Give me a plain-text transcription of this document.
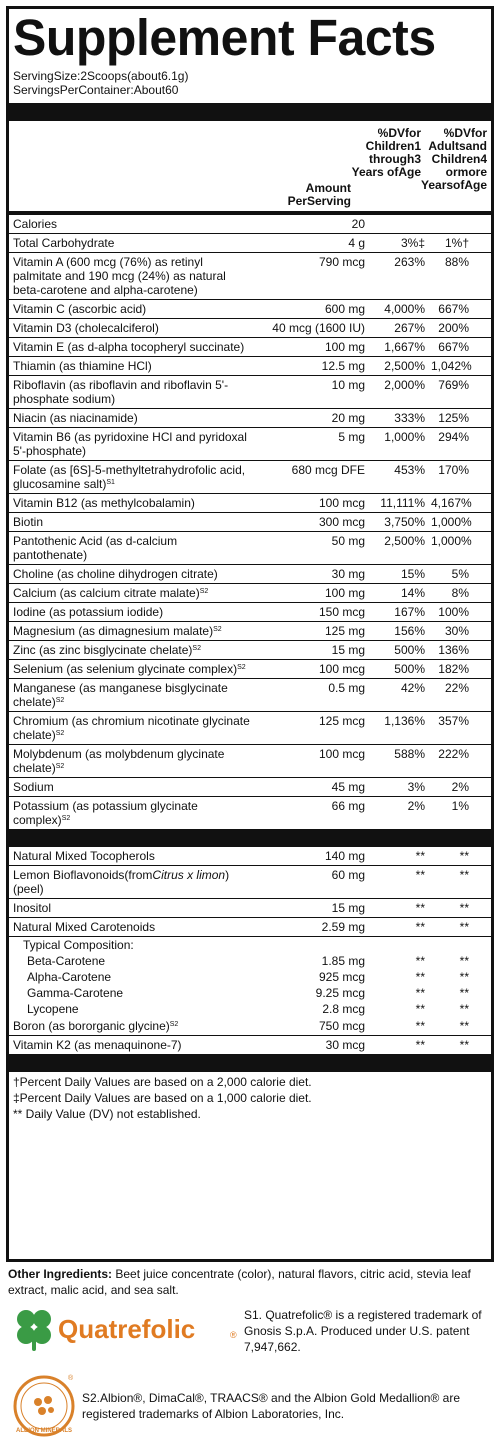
Supplement Facts
ServingSize:2Scoops(about6.1g)
ServingsPerContainer:About60
Amount PerServing
%DVfor Children1 through3 Years ofAge
%DVfor Adultsand Children4 ormore YearsofAge
Calories	20
Total Carbohydrate	4 g	3%‡	1%†
Vitamin A (600 mcg (76%) as retinyl palmitate and 190 mcg (24%) as natural beta-carotene and alpha-carotene)
790 mcg	263%	88%
Vitamin C (ascorbic acid)	600 mg	4,000%	667%
Vitamin D3 (cholecalciferol)	40 mcg (1600 IU)	267%	200%
Vitamin E (as d-alpha tocopheryl succinate)	100 mg	1,667%	667%
Thiamin (as thiamine HCl)	12.5 mg	2,500% 1,042%
Riboflavin (as riboflavin and riboflavin 5'-phosphate sodium)
10 mg	2,000%	769%
Niacin (as niacinamide)	20 mg	333%	125%
Vitamin B6 (as pyridoxine HCl and pyridoxal 5'-phosphate)
5 mg	1,000%	294%
Folate (as [6S]-5-methyltetrahydrofolic acid, glucosamine salt)$^{S1}$
680 mcg DFE	453%	170%
Vitamin B12 (as methylcobalamin)	100 mcg	11,111% 4,167%
Biotin	300 mcg	3,750% 1,000%
Pantothenic Acid (as d-calcium pantothenate)
50 mg	2,500% 1,000%
Choline (as choline dihydrogen citrate)	30 mg	15%	5%
Calcium (as calcium citrate malate)$^{S2}$	100 mg	14%	8%
Iodine (as potassium iodide)	150 mcg	167%	100%
Magnesium (as dimagnesium malate)$^{S2}$	125 mg	156%	30%
Zinc (as zinc bisglycinate chelate)$^{S2}$	15 mg	500%	136%
Selenium (as selenium glycinate complex)$^{S2}$	100 mcg	500%	182%
Manganese (as manganese bisglycinate chelate)$^{S2}$
0.5 mg	42%	22%
Chromium (as chromium nicotinate glycinate chelate)$^{S2}$
125 mcg	1,136%	357%
Molybdenum (as molybdenum glycinate chelate)$^{S2}$
100 mcg	588%	222%
Sodium	45 mg	3%	2%
Potassium (as potassium glycinate complex)$^{S2}$
66 mg	2%	1%
Natural Mixed Tocopherols	140 mg	**	**
Lemon Bioflavonoids(fromCitrus x limon)(peel)
60 mg	**	**
Inositol	15 mg	**	**
Natural Mixed Carotenoids	2.59 mg	**	**
Typical Composition:
Beta-Carotene	1.85 mg	**	**
Alpha-Carotene	925 mcg	**	**
Gamma-Carotene	9.25 mcg	**	**
Lycopene	2.8 mcg	**	**
Boron (as bororganic glycine)$^{S2}$	750 mcg	**	**
Vitamin K2 (as menaquinone-7)	30 mcg	**	**
†Percent Daily Values are based on a 2,000 calorie diet.
‡Percent Daily Values are based on a 1,000 calorie diet.
** Daily Value (DV) not established.
Other Ingredients: Beet juice concentrate (color), natural flavors, citric acid, stevia leaf extract, malic acid, and sea salt.
Quatrefolic	®
S1. Quatrefolic® is a registered trademark of Gnosis S.p.A. Produced under U.S. patent 7,947,662.
ALBION MINERALS
®
S2.Albion®, DimaCal®, TRAACS® and the Albion Gold Medallion® are registered trademarks of Albion Laboratories, Inc.
